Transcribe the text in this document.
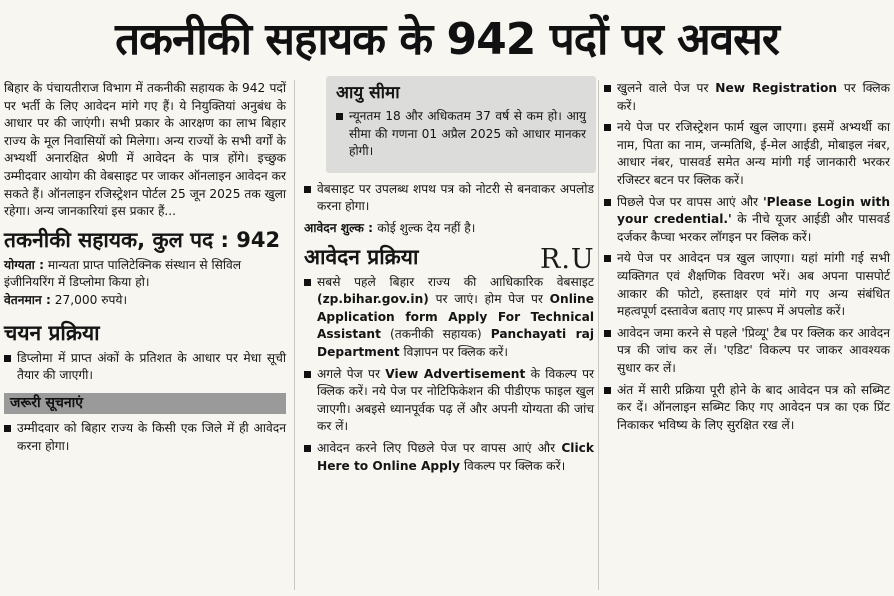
तकनीकी सहायक के 942 पदों पर अवसर

बिहार के पंचायतीराज विभाग में तकनीकी सहायक के 942 पदों पर भर्ती के लिए आवेदन मांगे गए हैं। ये नियुक्तियां अनुबंध के आधार पर की जाएंगी। सभी प्रकार के आरक्षण का लाभ बिहार राज्य के मूल निवासियों को मिलेगा। अन्य राज्यों के सभी वर्गों के अभ्यर्थी अनारक्षित श्रेणी में आवेदन के पात्र होंगे। इच्छुक उम्मीदवार आयोग की वेबसाइट पर जाकर ऑनलाइन आवेदन कर सकते हैं। ऑनलाइन रजिस्ट्रेशन पोर्टल 25 जून 2025 तक खुला रहेगा। अन्य जानकारियां इस प्रकार हैं...

तकनीकी सहायक, कुल पद : 942

योग्यता : मान्यता प्राप्त पालिटेक्निक संस्थान से सिविल इंजीनियरिंग में डिप्लोमा किया हो।

वेतनमान : 27,000 रुपये।

चयन प्रक्रिया
डिप्लोमा में प्राप्त अंकों के प्रतिशत के आधार पर मेधा सूची तैयार की जाएगी।
जरूरी सूचनाएं
उम्मीदवार को बिहार राज्य के किसी एक जिले में ही आवेदन करना होगा।
आयु सीमा
न्यूनतम 18 और अधिकतम 37 वर्ष से कम हो। आयु सीमा की गणना 01 अप्रैल 2025 को आधार मानकर होगी।
वेबसाइट पर उपलब्ध शपथ पत्र को नोटरी से बनवाकर अपलोड करना होगा।

आवेदन शुल्क : कोई शुल्क देय नहीं है।

आवेदन प्रक्रिया
सबसे पहले बिहार राज्य की आधिकारिक वेबसाइट (zp.bihar.gov.in) पर जाएं। होम पेज पर Online Application form Apply For Technical Assistant (तकनीकी सहायक) Panchayati raj Department विज्ञापन पर क्लिक करें।
अगले पेज पर View Advertisement के विकल्प पर क्लिक करें। नये पेज पर नोटिफिकेशन की पीडीएफ फाइल खुल जाएगी। अबइसे ध्यानपूर्वक पढ़ लें और अपनी योग्यता की जांच कर लें।
आवेदन करने लिए पिछले पेज पर वापस आएं और Click Here to Online Apply विकल्प पर क्लिक करें।
R.U
खुलने वाले पेज पर New Registration पर क्लिक करें।
नये पेज पर रजिस्ट्रेशन फार्म खुल जाएगा। इसमें अभ्यर्थी का नाम, पिता का नाम, जन्मतिथि, ई-मेल आईडी, मोबाइल नंबर, आधार नंबर, पासवर्ड समेत अन्य मांगी गई जानकारी भरकर रजिस्टर बटन पर क्लिक करें।
पिछले पेज पर वापस आएं और 'Please Login with your credential.' के नीचे यूजर आईडी और पासवर्ड दर्जकर कैप्चा भरकर लॉगइन पर क्लिक करें।
नये पेज पर आवेदन पत्र खुल जाएगा। यहां मांगी गई सभी व्यक्तिगत एवं शैक्षणिक विवरण भरें। अब अपना पासपोर्ट आकार की फोटो, हस्ताक्षर एवं मांगे गए अन्य संबंधित महत्वपूर्ण दस्तावेज बताए गए प्रारूप में अपलोड करें।
आवेदन जमा करने से पहले 'प्रिव्यू' टैब पर क्लिक कर आवेदन पत्र की जांच कर लें। 'एडिट' विकल्प पर जाकर आवश्यक सुधार कर लें।
अंत में सारी प्रक्रिया पूरी होने के बाद आवेदन पत्र को सब्मिट कर दें। ऑनलाइन सब्मिट किए गए आवेदन पत्र का एक प्रिंट निकाकर भविष्य के लिए सुरक्षित रख लें।
